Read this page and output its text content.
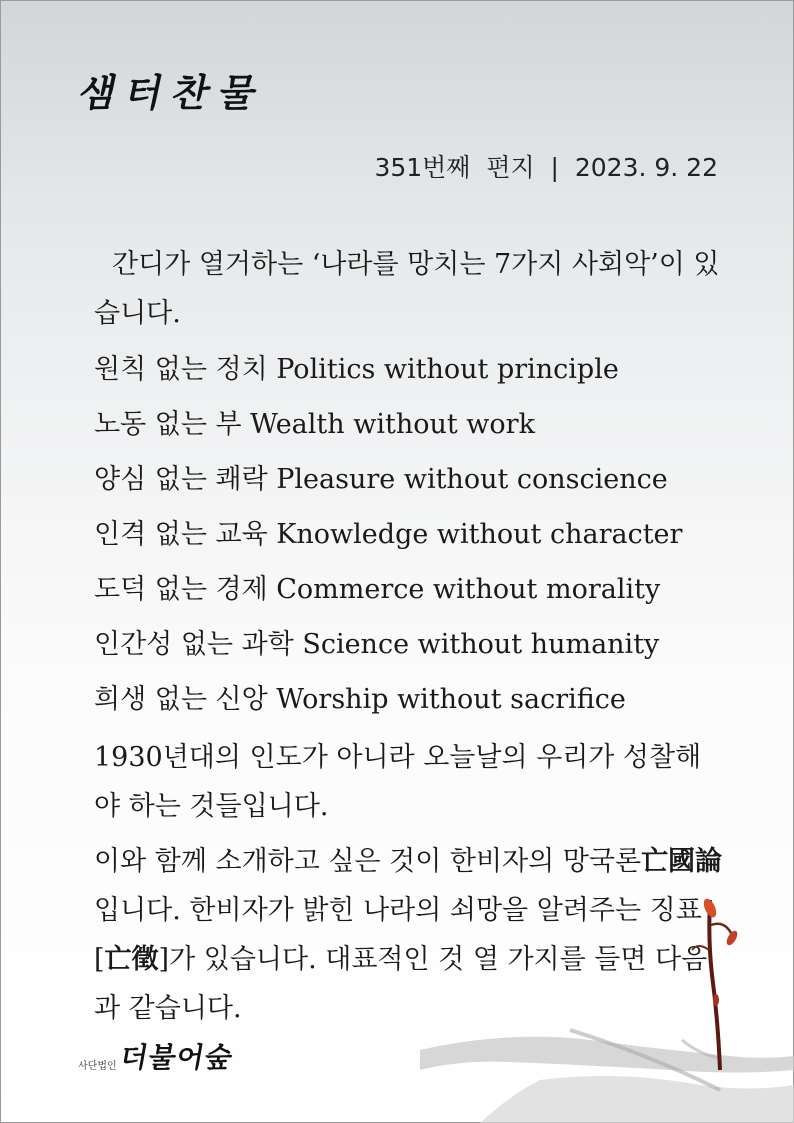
샘터찬물
351번째  편지  |  2023. 9. 22

간디가 열거하는 ‘나라를 망치는 7가지 사회악’이 있습니다.

원칙 없는 정치 Politics without principle

노동 없는 부 Wealth without work

양심 없는 쾌락 Pleasure without conscience

인격 없는 교육 Knowledge without character

도덕 없는 경제 Commerce without morality

인간성 없는 과학 Science without humanity

희생 없는 신앙 Worship without sacrifice

1930년대의 인도가 아니라 오늘날의 우리가 성찰해야 하는 것들입니다.

이와 함께 소개하고 싶은 것이 한비자의 망국론亡國論입니다. 한비자가 밝힌 나라의 쇠망을 알려주는 징표[亡徵]가 있습니다. 대표적인 것 열 가지를 들면 다음과 같습니다.

사단법인 더불어숲
